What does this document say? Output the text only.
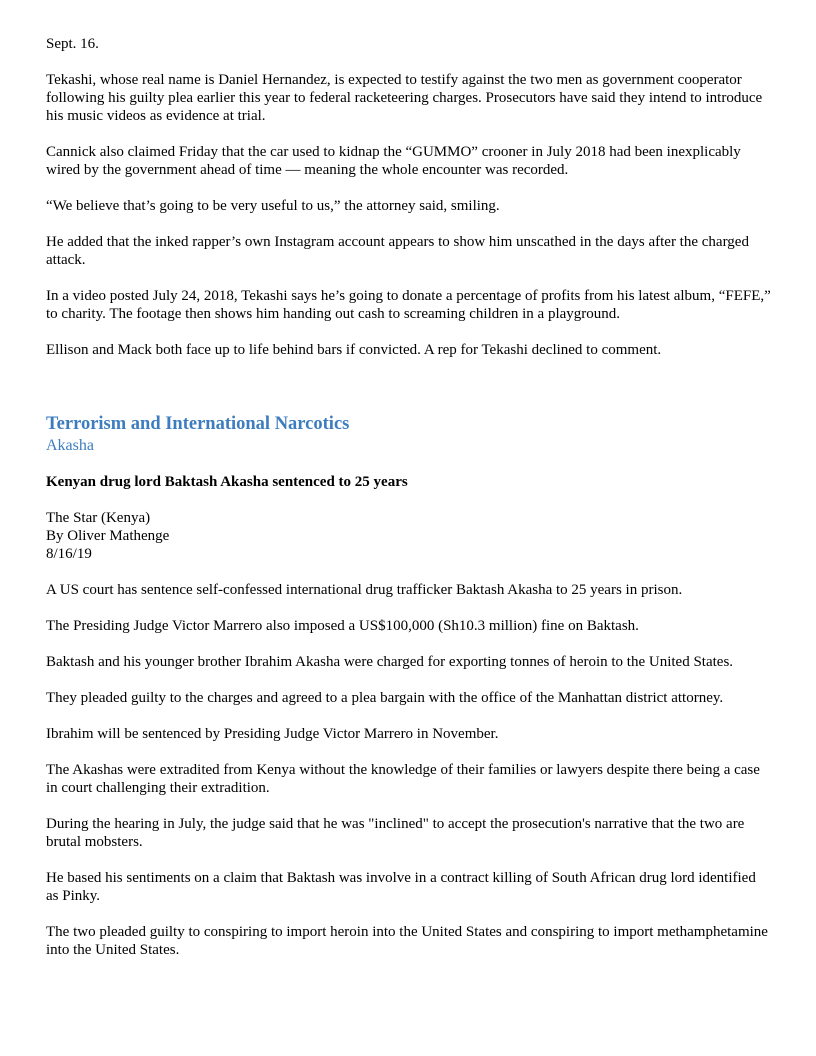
Sept. 16.

Tekashi, whose real name is Daniel Hernandez, is expected to testify against the two men as government cooperator following his guilty plea earlier this year to federal racketeering charges. Prosecutors have said they intend to introduce his music videos as evidence at trial.

Cannick also claimed Friday that the car used to kidnap the “GUMMO” crooner in July 2018 had been inexplicably wired by the government ahead of time — meaning the whole encounter was recorded.

“We believe that’s going to be very useful to us,” the attorney said, smiling.

He added that the inked rapper’s own Instagram account appears to show him unscathed in the days after the charged attack.

In a video posted July 24, 2018, Tekashi says he’s going to donate a percentage of profits from his latest album, “FEFE,” to charity. The footage then shows him handing out cash to screaming children in a playground.

Ellison and Mack both face up to life behind bars if convicted. A rep for Tekashi declined to comment.

Terrorism and International Narcotics
Akasha

Kenyan drug lord Baktash Akasha sentenced to 25 years

The Star (Kenya)
By Oliver Mathenge
8/16/19

A US court has sentence self-confessed international drug trafficker Baktash Akasha to 25 years in prison.

The Presiding Judge Victor Marrero also imposed a US$100,000 (Sh10.3 million) fine on Baktash.

Baktash and his younger brother Ibrahim Akasha were charged for exporting tonnes of heroin to the United States.

They pleaded guilty to the charges and agreed to a plea bargain with the office of the Manhattan district attorney.

Ibrahim will be sentenced by Presiding Judge Victor Marrero in November.

The Akashas were extradited from Kenya without the knowledge of their families or lawyers despite there being a case in court challenging their extradition.

During the hearing in July, the judge said that he was "inclined" to accept the prosecution's narrative that the two are brutal mobsters.

He based his sentiments on a claim that Baktash was involve in a contract killing of South African drug lord identified as Pinky.

The two pleaded guilty to conspiring to import heroin into the United States and conspiring to import methamphetamine into the United States.
